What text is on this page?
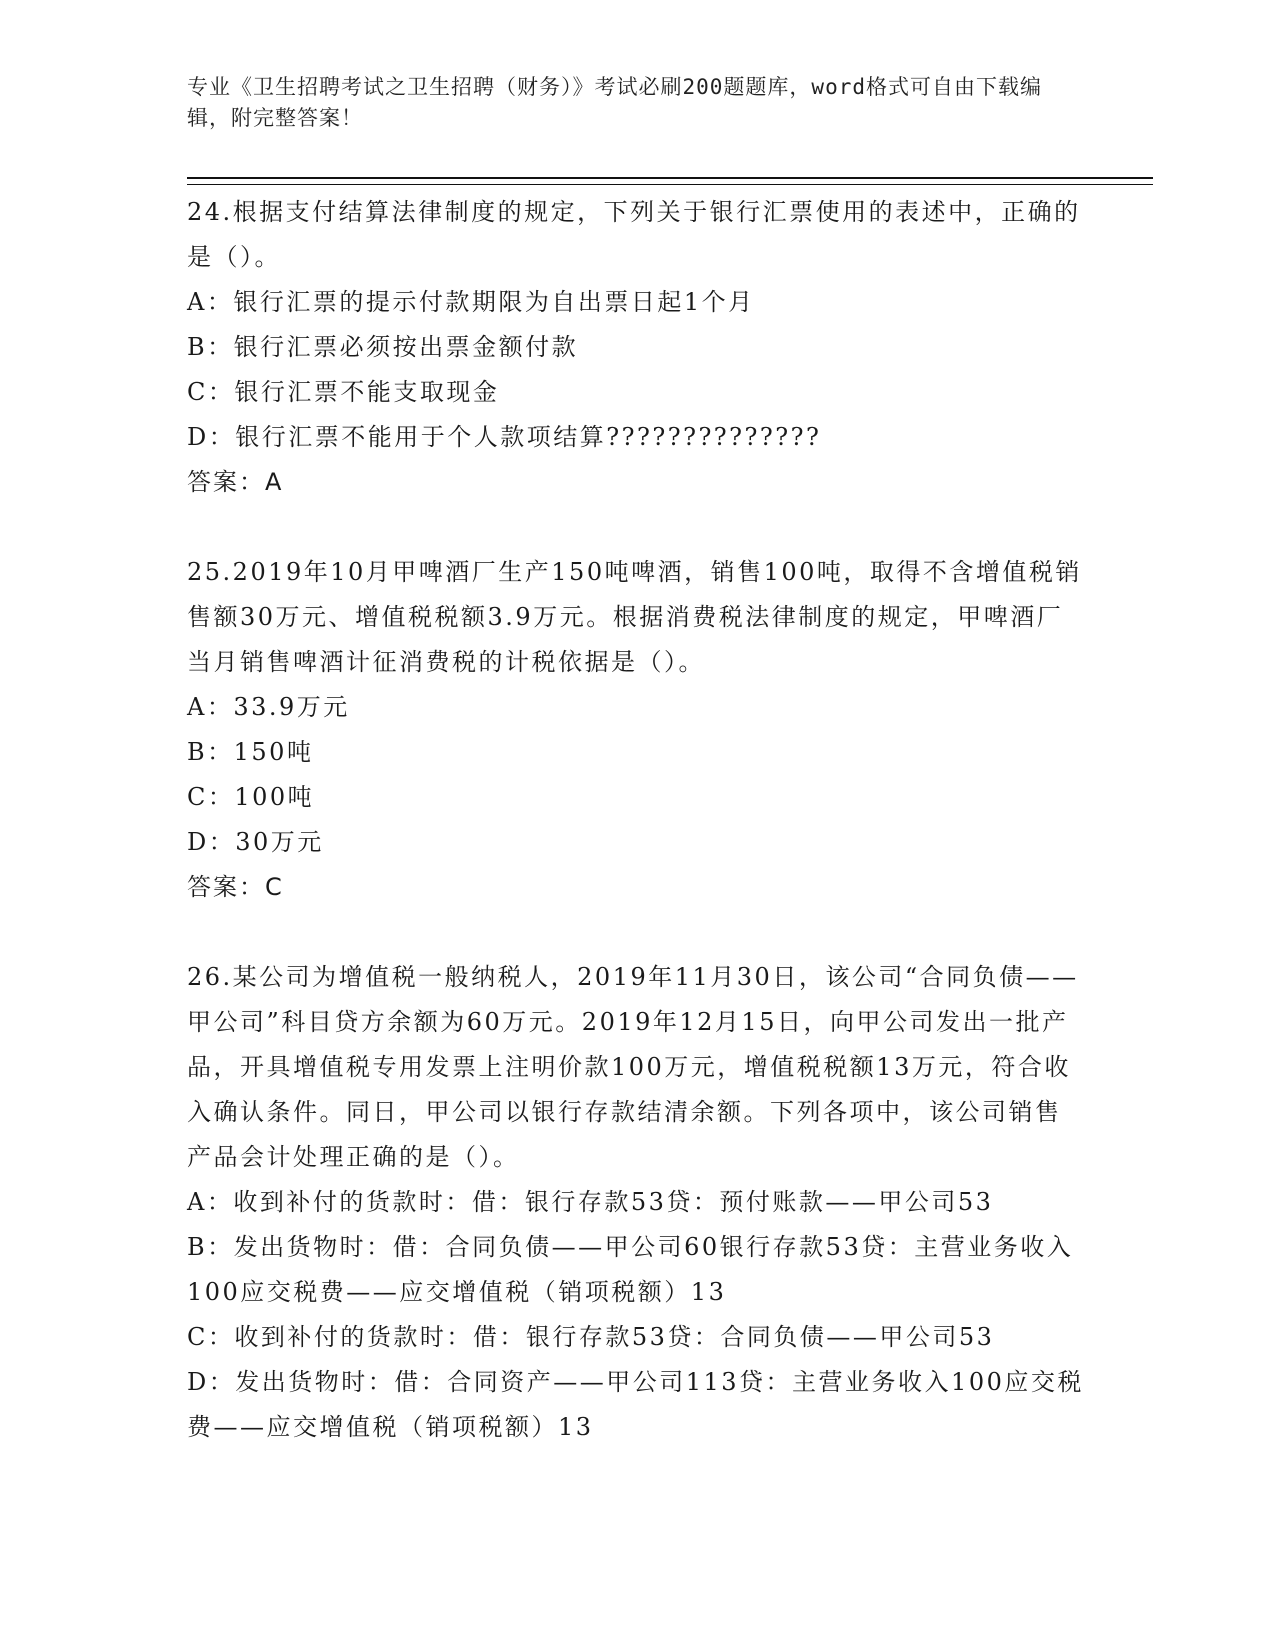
专业《卫生招聘考试之卫生招聘（财务）》考试必刷200题题库，word格式可自由下载编辑，附完整答案！

24.根据支付结算法律制度的规定，下列关于银行汇票使用的表述中，正确的是（）。

A：银行汇票的提示付款期限为自出票日起1个月

B：银行汇票必须按出票金额付款

C：银行汇票不能支取现金

D：银行汇票不能用于个人款项结算??????????????

答案：A

25.2019年10月甲啤酒厂生产150吨啤酒，销售100吨，取得不含增值税销售额30万元、增值税税额3.9万元。根据消费税法律制度的规定，甲啤酒厂当月销售啤酒计征消费税的计税依据是（）。

A：33.9万元

B：150吨

C：100吨

D：30万元

答案：C

26.某公司为增值税一般纳税人，2019年11月30日，该公司“合同负债——甲公司”科目贷方余额为60万元。2019年12月15日，向甲公司发出一批产品，开具增值税专用发票上注明价款100万元，增值税税额13万元，符合收入确认条件。同日，甲公司以银行存款结清余额。下列各项中，该公司销售产品会计处理正确的是（）。

A：收到补付的货款时：借：银行存款53贷：预付账款——甲公司53

B：发出货物时：借：合同负债——甲公司60银行存款53贷：主营业务收入100应交税费——应交增值税（销项税额）13

C：收到补付的货款时：借：银行存款53贷：合同负债——甲公司53

D：发出货物时：借：合同资产——甲公司113贷：主营业务收入100应交税费——应交增值税（销项税额）13
